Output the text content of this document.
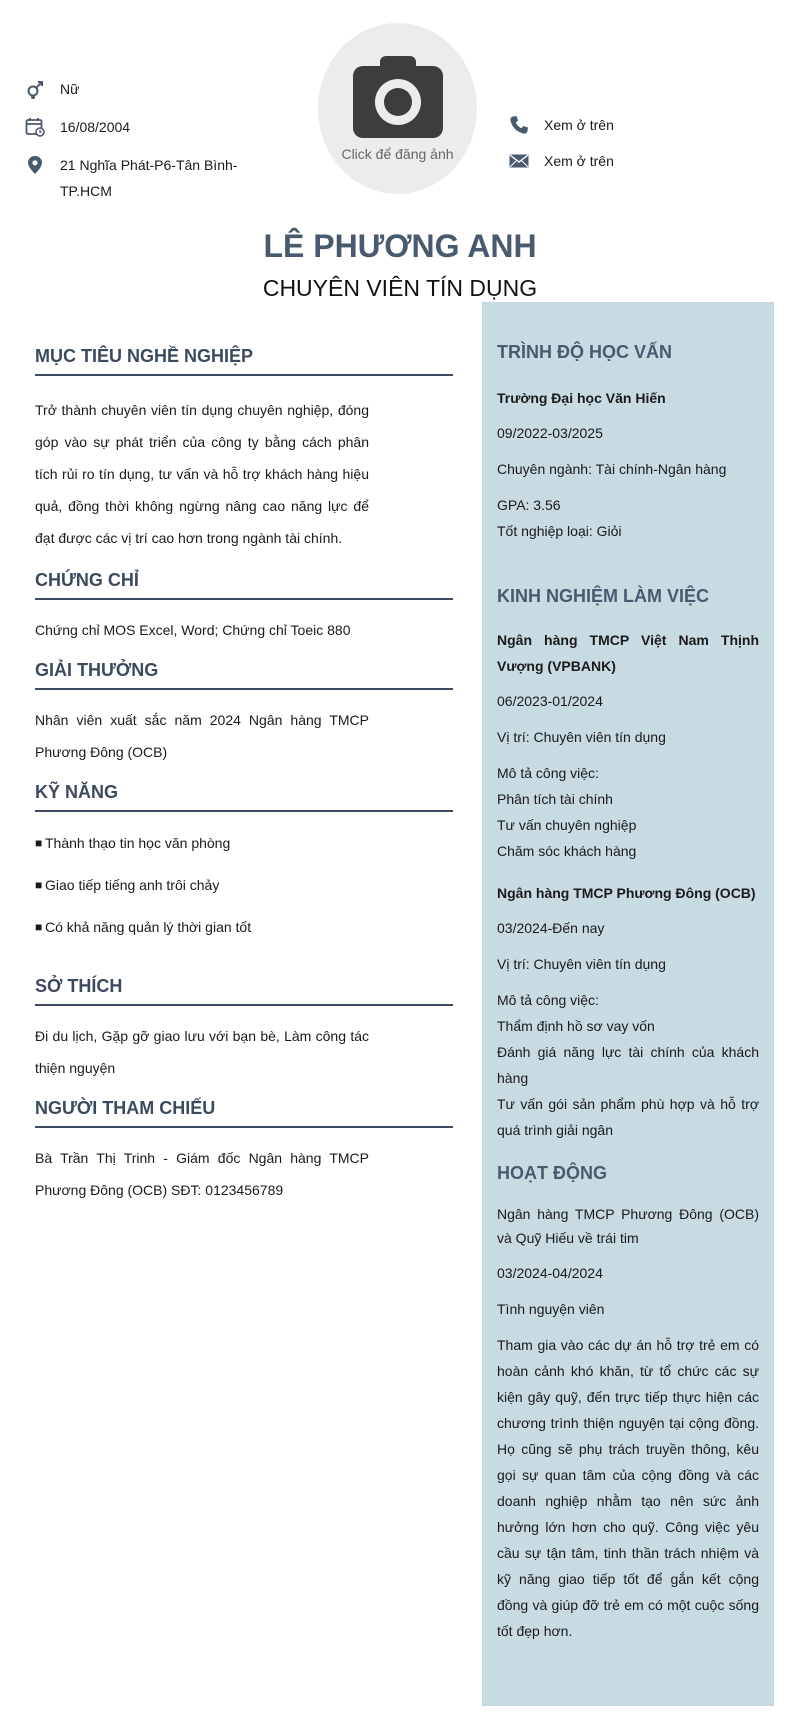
Nữ
16/08/2004
21 Nghĩa Phát-P6-Tân Bình-TP.HCM
Click để đăng ảnh
Xem ở trên
Xem ở trên
LÊ PHƯƠNG ANH
CHUYÊN VIÊN TÍN DỤNG
MỤC TIÊU NGHỀ NGHIỆP
Trở thành chuyên viên tín dụng chuyên nghiệp, đóng góp vào sự phát triển của công ty bằng cách phân tích rủi ro tín dụng, tư vấn và hỗ trợ khách hàng hiệu quả, đồng thời không ngừng nâng cao năng lực để đạt được các vị trí cao hơn trong ngành tài chính.
CHỨNG CHỈ
Chứng chỉ MOS Excel, Word; Chứng chỉ Toeic 880
GIẢI THƯỞNG
Nhân viên xuất sắc năm 2024 Ngân hàng TMCP Phương Đông (OCB)
KỸ NĂNG
■ Thành thạo tin học văn phòng
■ Giao tiếp tiếng anh trôi chảy
■ Có khả năng quản lý thời gian tốt
SỞ THÍCH
Đi du lịch, Gặp gỡ giao lưu với bạn bè, Làm công tác thiện nguyện
NGƯỜI THAM CHIẾU
Bà Trần Thị Trinh - Giám đốc Ngân hàng TMCP Phương Đông (OCB) SĐT: 0123456789
TRÌNH ĐỘ HỌC VẤN
Trường Đại học Văn Hiến
09/2022-03/2025
Chuyên ngành: Tài chính-Ngân hàng
GPA: 3.56
Tốt nghiệp loại: Giỏi
KINH NGHIỆM LÀM VIỆC
Ngân hàng TMCP Việt Nam Thịnh Vượng (VPBANK)
06/2023-01/2024
Vị trí: Chuyên viên tín dụng
Mô tả công việc:
Phân tích tài chính
Tư vấn chuyên nghiệp
Chăm sóc khách hàng
Ngân hàng TMCP Phương Đông (OCB)
03/2024-Đến nay
Vị trí: Chuyên viên tín dụng
Mô tả công việc:
Thẩm định hồ sơ vay vốn
Đánh giá năng lực tài chính của khách hàng
Tư vấn gói sản phẩm phù hợp và hỗ trợ quá trình giải ngân
HOẠT ĐỘNG
Ngân hàng TMCP Phương Đông (OCB) và Quỹ Hiếu về trái tim
03/2024-04/2024
Tình nguyện viên
Tham gia vào các dự án hỗ trợ trẻ em có hoàn cảnh khó khăn, từ tổ chức các sự kiện gây quỹ, đến trực tiếp thực hiện các chương trình thiện nguyện tại cộng đồng. Họ cũng sẽ phụ trách truyền thông, kêu gọi sự quan tâm của cộng đồng và các doanh nghiệp nhằm tạo nên sức ảnh hưởng lớn hơn cho quỹ. Công việc yêu cầu sự tận tâm, tinh thần trách nhiệm và kỹ năng giao tiếp tốt để gắn kết cộng đồng và giúp đỡ trẻ em có một cuộc sống tốt đẹp hơn.
